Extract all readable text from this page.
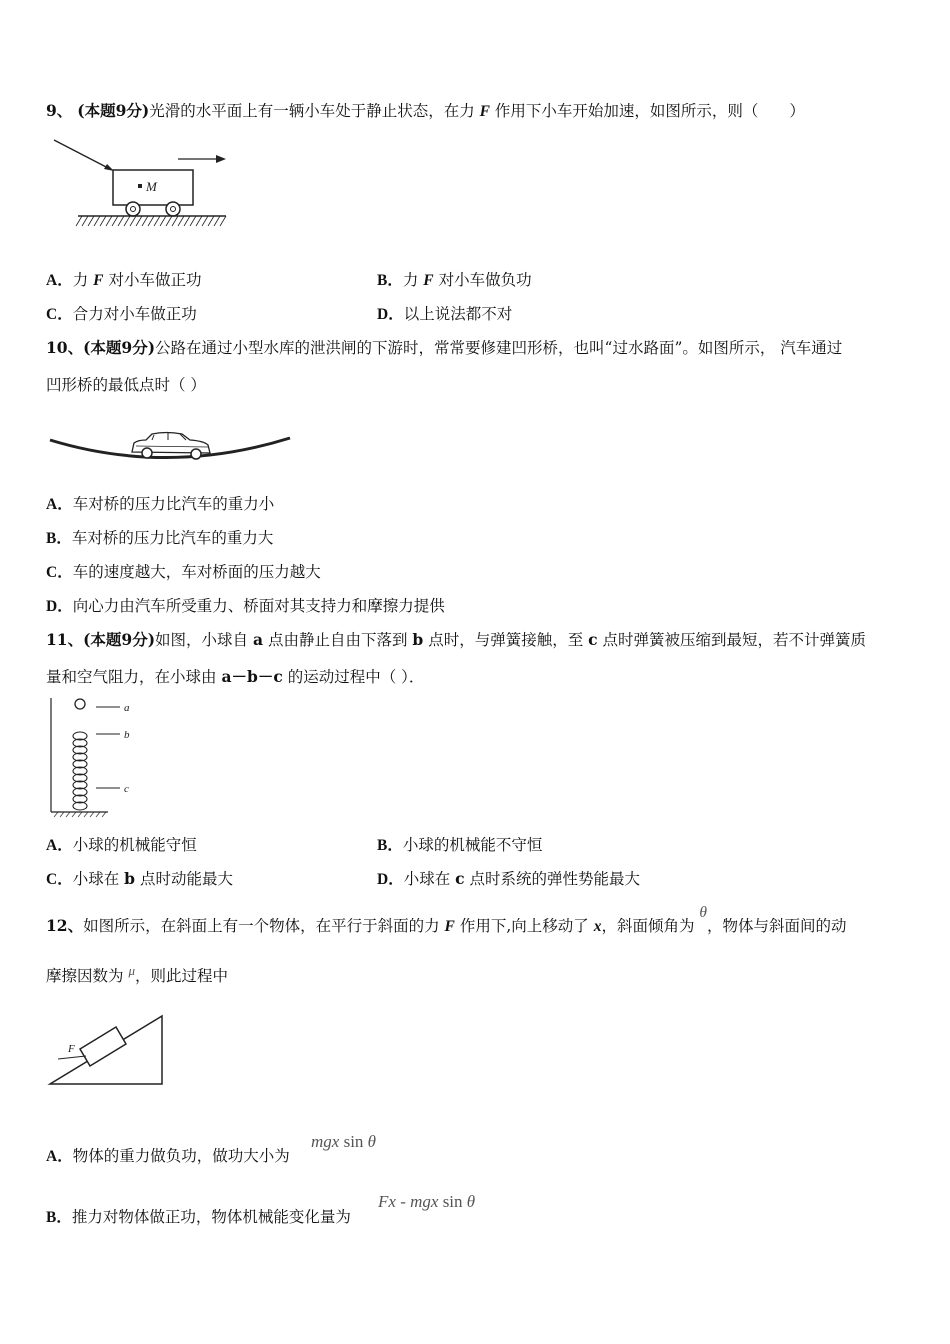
9、 (本题9分)光滑的水平面上有一辆小车处于静止状态，在力 F 作用下小车开始加速，如图所示，则（　　）
M
A．力 F 对小车做正功	B．力 F 对小车做负功
C．合力对小车做正功	D．以上说法都不对
10、(本题9分)公路在通过小型水库的泄洪闸的下游时，常常要修建凹形桥，也叫“过水路面”。如图所示， 汽车通过
凹形桥的最低点时（ ）
A．车对桥的压力比汽车的重力小
B．车对桥的压力比汽车的重力大
C．车的速度越大，车对桥面的压力越大
D．向心力由汽车所受重力、桥面对其支持力和摩擦力提供
11、(本题9分)如图，小球自 a 点由静止自由下落到 b 点时，与弹簧接触，至 c 点时弹簧被压缩到最短，若不计弹簧质
量和空气阻力，在小球由 a－b－c 的运动过程中（ ）．
a
b
c
A．小球的机械能守恒	B．小球的机械能不守恒
C．小球在 b 点时动能最大	D．小球在 c 点时系统的弹性势能最大
12、如图所示，在斜面上有一个物体，在平行于斜面的力 F 作用下,向上移动了 x，斜面倾角为 θ，物体与斜面间的动
摩擦因数为 $^\mu$，则此过程中
F
A．物体的重力做负功，做功大小为
mgx sin θ
B．推力对物体做正功，物体机械能变化量为
Fx - mgx sin θ
